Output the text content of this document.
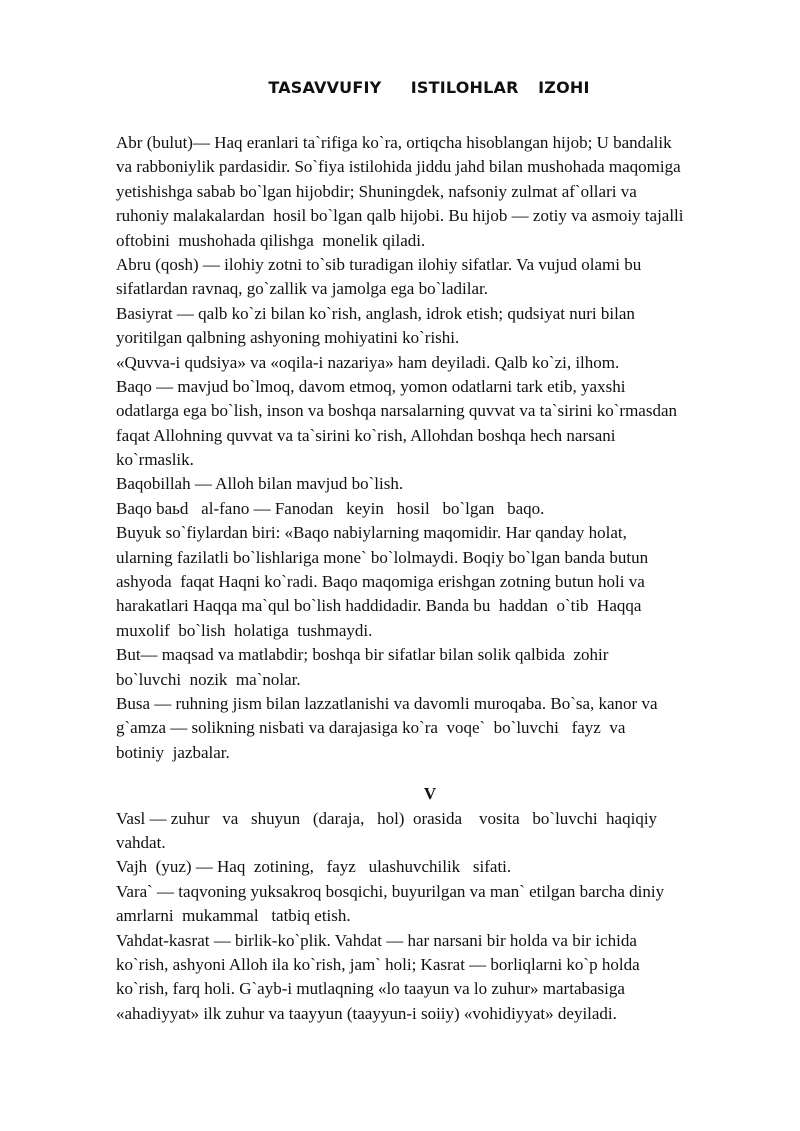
TASAVVUFIY   ISTILOHLAR  IZOHI
Abr (bulut)— Haq eranlari ta`rifiga ko`ra, ortiqcha hisoblangan hijob; U bandalik
va rabboniylik pardasidir. So`fiya istilohida jiddu jahd bilan mushohada maqomiga
yetishishga sabab bo`lgan hijobdir; Shuningdek, nafsoniy zulmat af`ollari va
ruhoniy malakalardan  hosil bo`lgan qalb hijobi. Bu hijob — zotiy va asmoiy tajalli
oftobini  mushohada qilishga  monelik qiladi.
Abru (qosh) — ilohiy zotni to`sib turadigan ilohiy sifatlar. Va vujud olami bu
sifatlardan ravnaq, go`zallik va jamolga ega bo`ladilar.
Basiyrat — qalb ko`zi bilan ko`rish, anglash, idrok etish; qudsiyat nuri bilan
yoritilgan qalbning ashyoning mohiyatini ko`rishi.
«Quvva-i qudsiya» va «oqila-i nazariya» ham deyiladi. Qalb ko`zi, ilhom.
Baqo — mavjud bo`lmoq, davom etmoq, yomon odatlarni tark etib, yaxshi
odatlarga ega bo`lish, inson va boshqa narsalarning quvvat va ta`sirini ko`rmasdan
faqat Allohning quvvat va ta`sirini ko`rish, Allohdan boshqa hech narsani
ko`rmaslik.
Baqobillah — Alloh bilan mavjud bo`lish.
Baqo baьd   al-fano — Fanodan   keyin   hosil   bo`lgan   baqo.
Buyuk so`fiylardan biri: «Baqo nabiylarning maqomidir. Har qanday holat,
ularning fazilatli bo`lishlariga mone` bo`lolmaydi. Boqiy bo`lgan banda butun
ashyoda  faqat Haqni ko`radi. Baqo maqomiga erishgan zotning butun holi va
harakatlari Haqqa ma`qul bo`lish haddidadir. Banda bu  haddan  o`tib  Haqqa
muxolif  bo`lish  holatiga  tushmaydi.
But— maqsad va matlabdir; boshqa bir sifatlar bilan solik qalbida  zohir
bo`luvchi  nozik  ma`nolar.
Busa — ruhning jism bilan lazzatlanishi va davomli muroqaba. Bo`sa, kanor va
g`amza — solikning nisbati va darajasiga ko`ra  voqe`  bo`luvchi   fayz  va
botiniy  jazbalar.
V
Vasl — zuhur   va   shuyun   (daraja,   hol)  orasida    vosita   bo`luvchi  haqiqiy
vahdat.
Vajh  (yuz) — Haq  zotining,   fayz   ulashuvchilik   sifati.
Vara` — taqvoning yuksakroq bosqichi, buyurilgan va man` etilgan barcha diniy
amrlarni  mukammal   tatbiq etish.
Vahdat-kasrat — birlik-ko`plik. Vahdat — har narsani bir holda va bir ichida
ko`rish, ashyoni Alloh ila ko`rish, jam` holi; Kasrat — borliqlarni ko`p holda
ko`rish, farq holi. G`ayb-i mutlaqning «lo taayun va lo zuhur» martabasiga
«ahadiyyat» ilk zuhur va taayyun (taayyun-i soiiy) «vohidiyyat» deyiladi.
